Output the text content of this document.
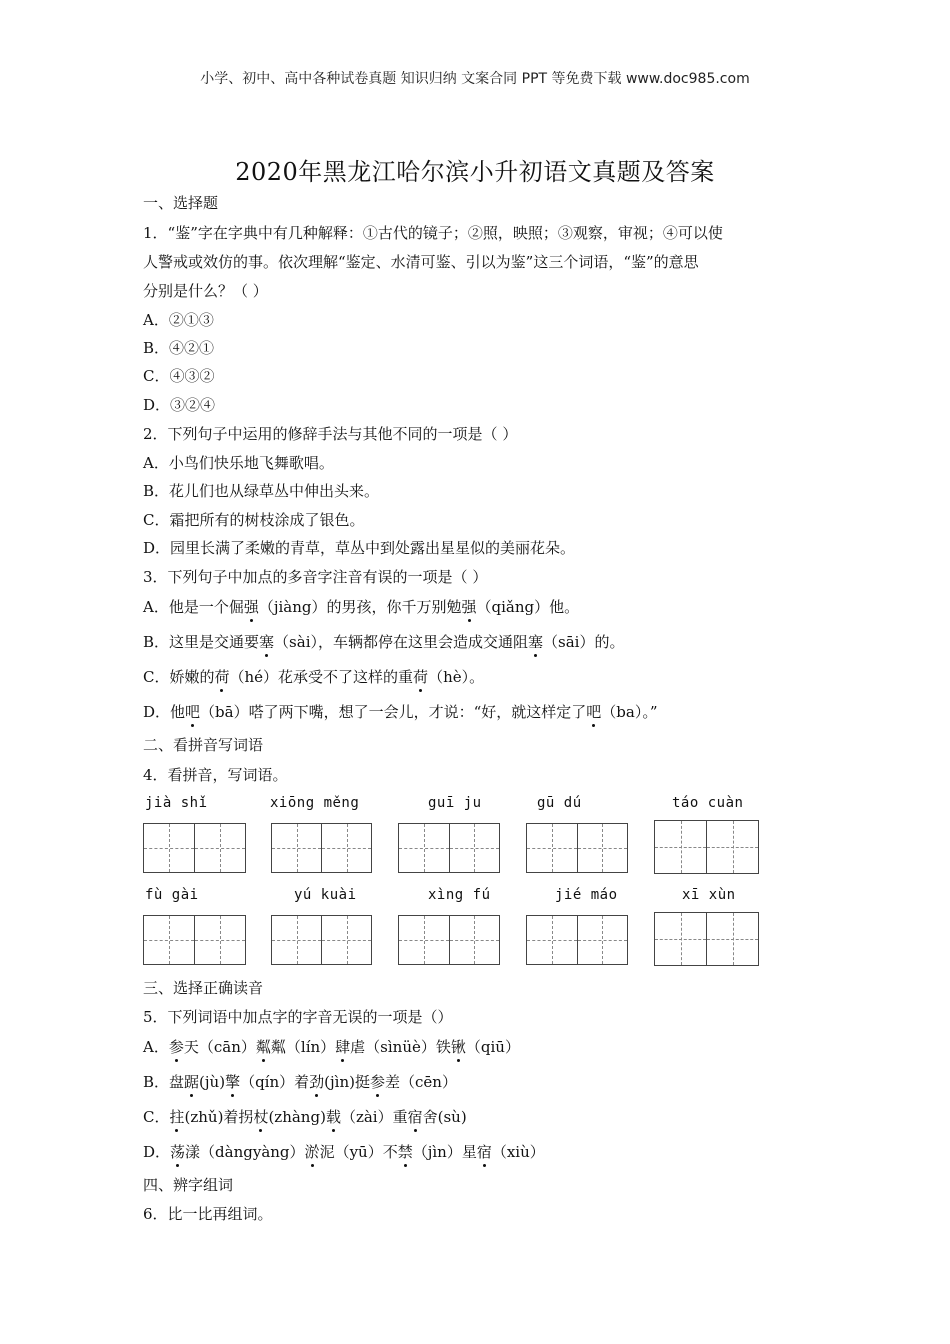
小学、初中、高中各种试卷真题 知识归纳 文案合同 PPT 等免费下载 www.doc985.com
2020年黑龙江哈尔滨小升初语文真题及答案
一、选择题
1．“鉴”字在字典中有几种解释：①古代的镜子；②照，映照；③观察，审视；④可以使
人警戒或效仿的事。依次理解“鉴定、水清可鉴、引以为鉴”这三个词语，“鉴”的意思
分别是什么？（ ）
A．②①③
B．④②①
C．④③②
D．③②④
2．下列句子中运用的修辞手法与其他不同的一项是（ ）
A．小鸟们快乐地飞舞歌唱。
B．花儿们也从绿草丛中伸出头来。
C．霜把所有的树枝涂成了银色。
D．园里长满了柔嫩的青草，草丛中到处露出星星似的美丽花朵。
3．下列句子中加点的多音字注音有误的一项是（ ）
A．他是一个倔强（jiàng）的男孩，你千万别勉强（qiǎng）他。
B．这里是交通要塞（sài），车辆都停在这里会造成交通阻塞（sāi）的。
C．娇嫩的荷（hé）花承受不了这样的重荷（hè）。
D．他吧（bā）嗒了两下嘴，想了一会儿，才说：“好，就这样定了吧（ba）。”
二、看拼音写词语
4．看拼音，写词语。
jià shǐ	xiōng měng	guī ju	gū dú	táo cuàn
fù gài	yú kuài	xìng fú	jié máo	xī xùn
三、选择正确读音
5．下列词语中加点字的字音无误的一项是（）
A．参天（cān）粼粼（lín）肆虐（sìnüè）铁锹（qiū）
B．盘踞(jù)擎（qín）着劲(jìn)挺参差（cēn）
C．拄(zhǔ)着拐杖(zhàng)载（zài）重宿舍(sù)
D．荡漾（dàngyàng）淤泥（yū）不禁（jìn）星宿（xiù）
四、辨字组词
6．比一比再组词。
